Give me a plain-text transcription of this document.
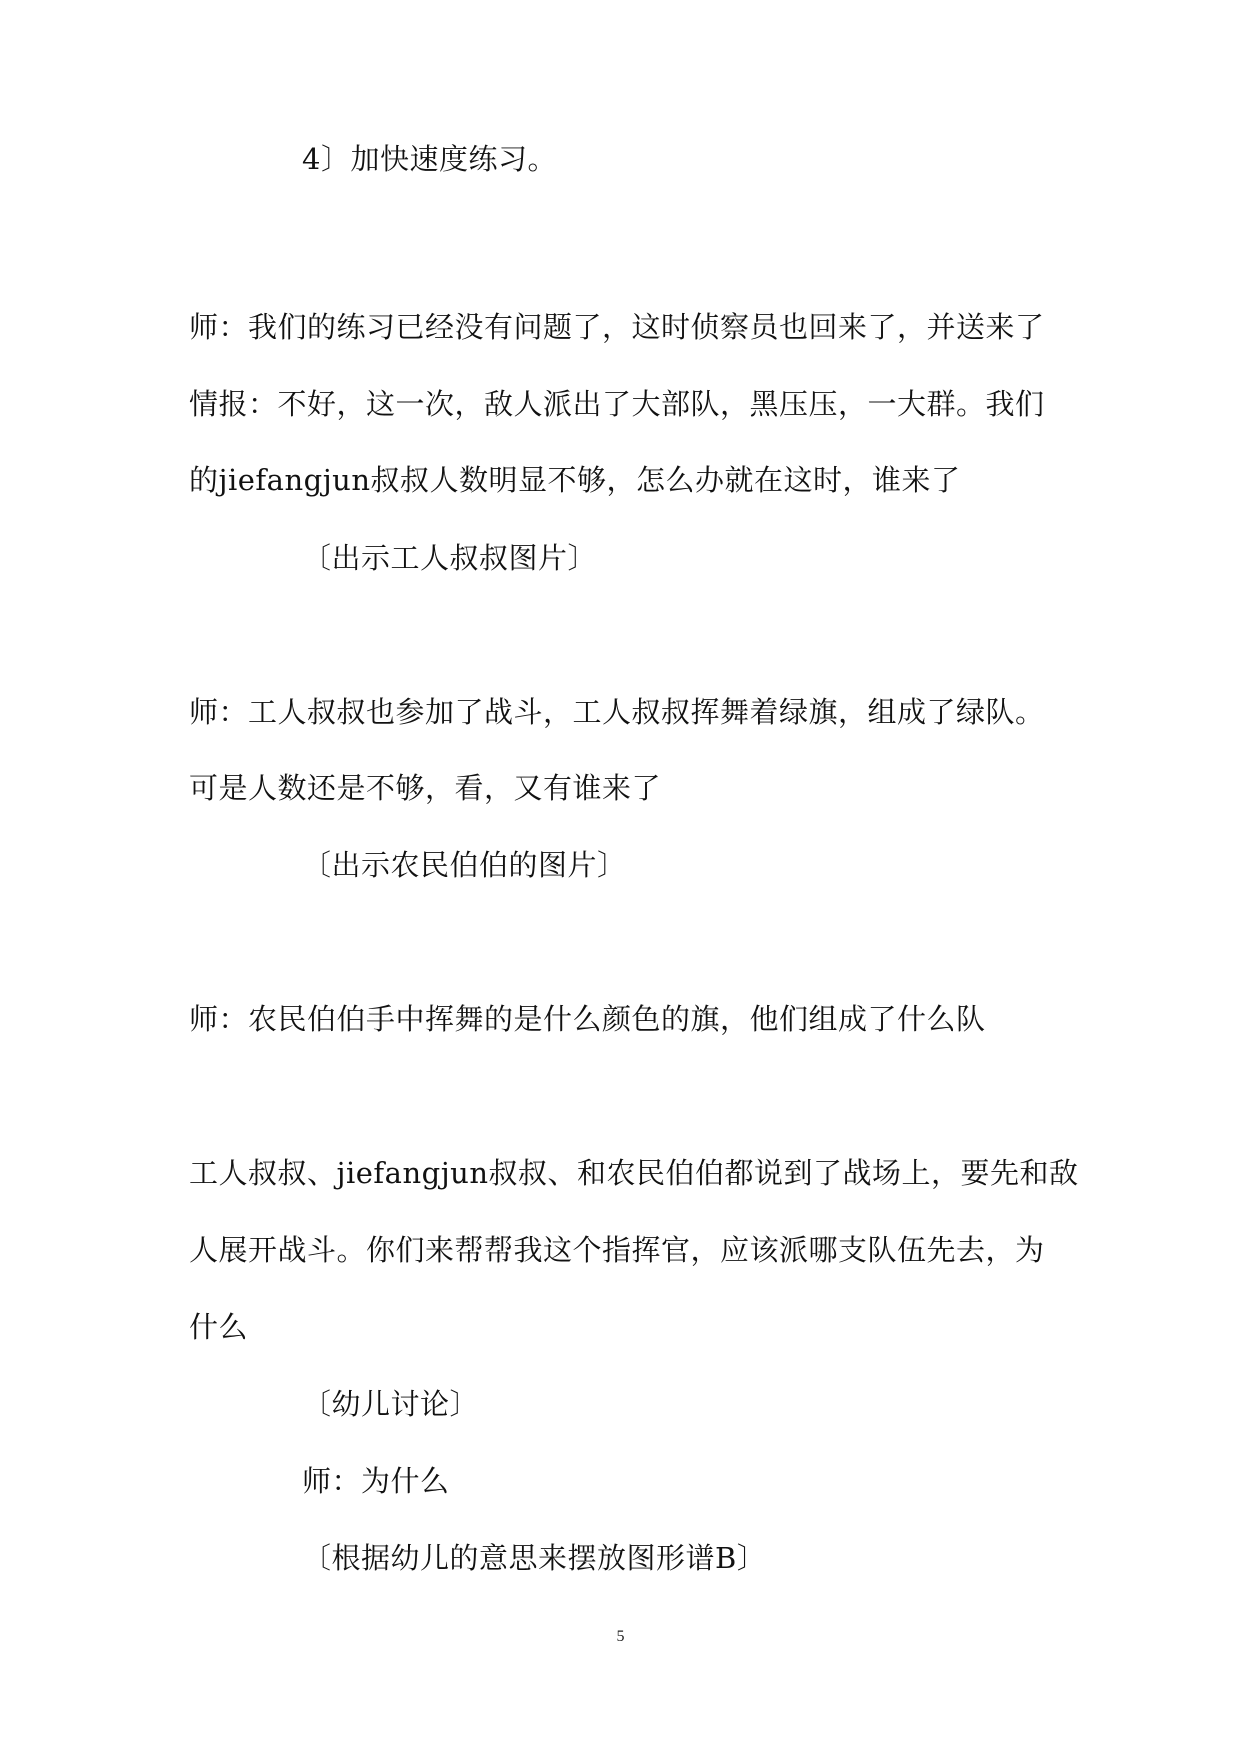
4〕加快速度练习。
师：我们的练习已经没有问题了，这时侦察员也回来了，并送来了
情报：不好，这一次，敌人派出了大部队，黑压压，一大群。我们
的jiefangjun叔叔人数明显不够，怎么办就在这时，谁来了
〔出示工人叔叔图片〕
师：工人叔叔也参加了战斗，工人叔叔挥舞着绿旗，组成了绿队。
可是人数还是不够，看，又有谁来了
〔出示农民伯伯的图片〕
师：农民伯伯手中挥舞的是什么颜色的旗，他们组成了什么队
工人叔叔、jiefangjun叔叔、和农民伯伯都说到了战场上，要先和敌
人展开战斗。你们来帮帮我这个指挥官，应该派哪支队伍先去，为
什么
〔幼儿讨论〕
师：为什么
〔根据幼儿的意思来摆放图形谱B〕
5
